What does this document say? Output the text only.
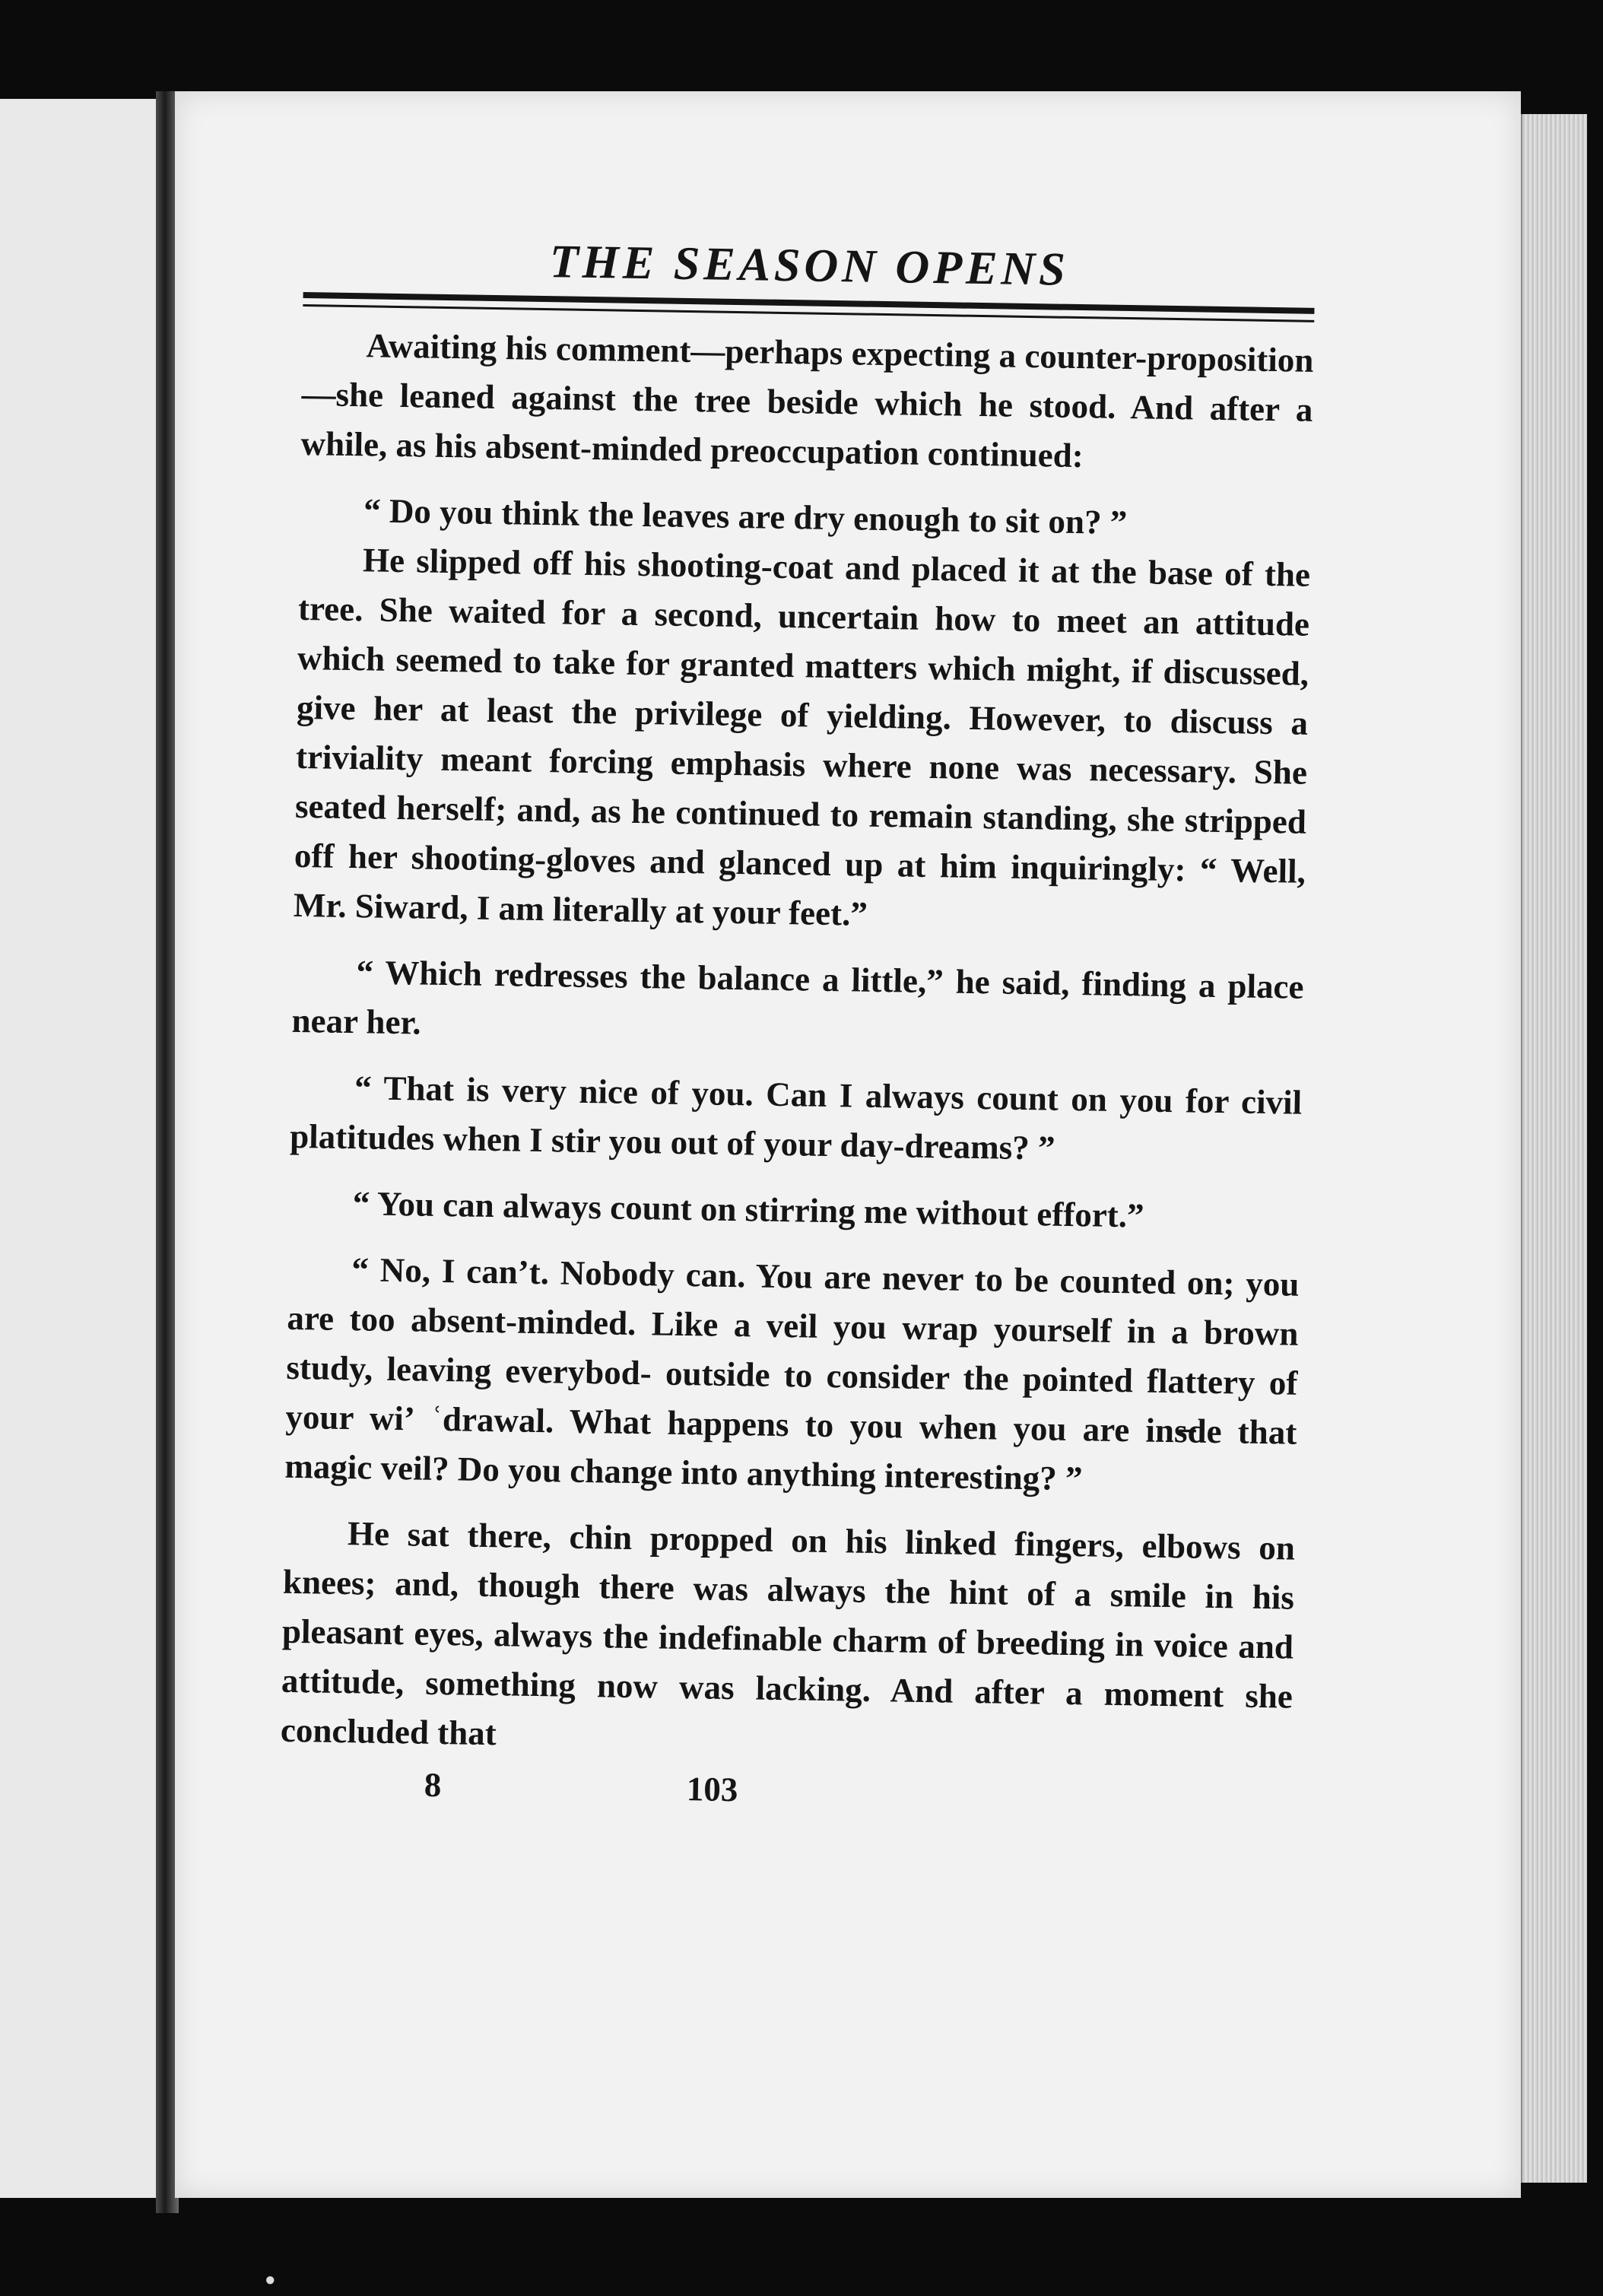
●
THE SEASON OPENS

Awaiting his comment—perhaps expecting a counter-proposition—she leaned against the tree beside which he stood. And after a while, as his absent-minded preoccupation continued:

“ Do you think the leaves are dry enough to sit on? ”

He slipped off his shooting-coat and placed it at the base of the tree. She waited for a second, uncertain how to meet an attitude which seemed to take for granted matters which might, if discussed, give her at least the privilege of yielding. However, to discuss a triviality meant forcing emphasis where none was necessary. She seated herself; and, as he continued to remain standing, she stripped off her shooting-gloves and glanced up at him inquiringly: “ Well, Mr. Siward, I am literally at your feet.”

“ Which redresses the balance a little,” he said, finding a place near her.

“ That is very nice of you. Can I always count on you for civil platitudes when I stir you out of your day-dreams? ”

“ You can always count on stirring me without effort.”

“ No, I can’t. Nobody can. You are never to be counted on; you are too absent-minded. Like a veil you wrap yourself in a brown study, leaving everybod‐ outside to consider the pointed flattery of your wiʼ ʿdrawal. What happens to you when you are ins̶de that magic veil? Do you change into anything interesting? ”

He sat there, chin propped on his linked fingers, elbows on knees; and, though there was always the hint of a smile in his pleasant eyes, always the indefinable charm of breeding in voice and attitude, something now was lacking. And after a moment she concluded that

8	103
